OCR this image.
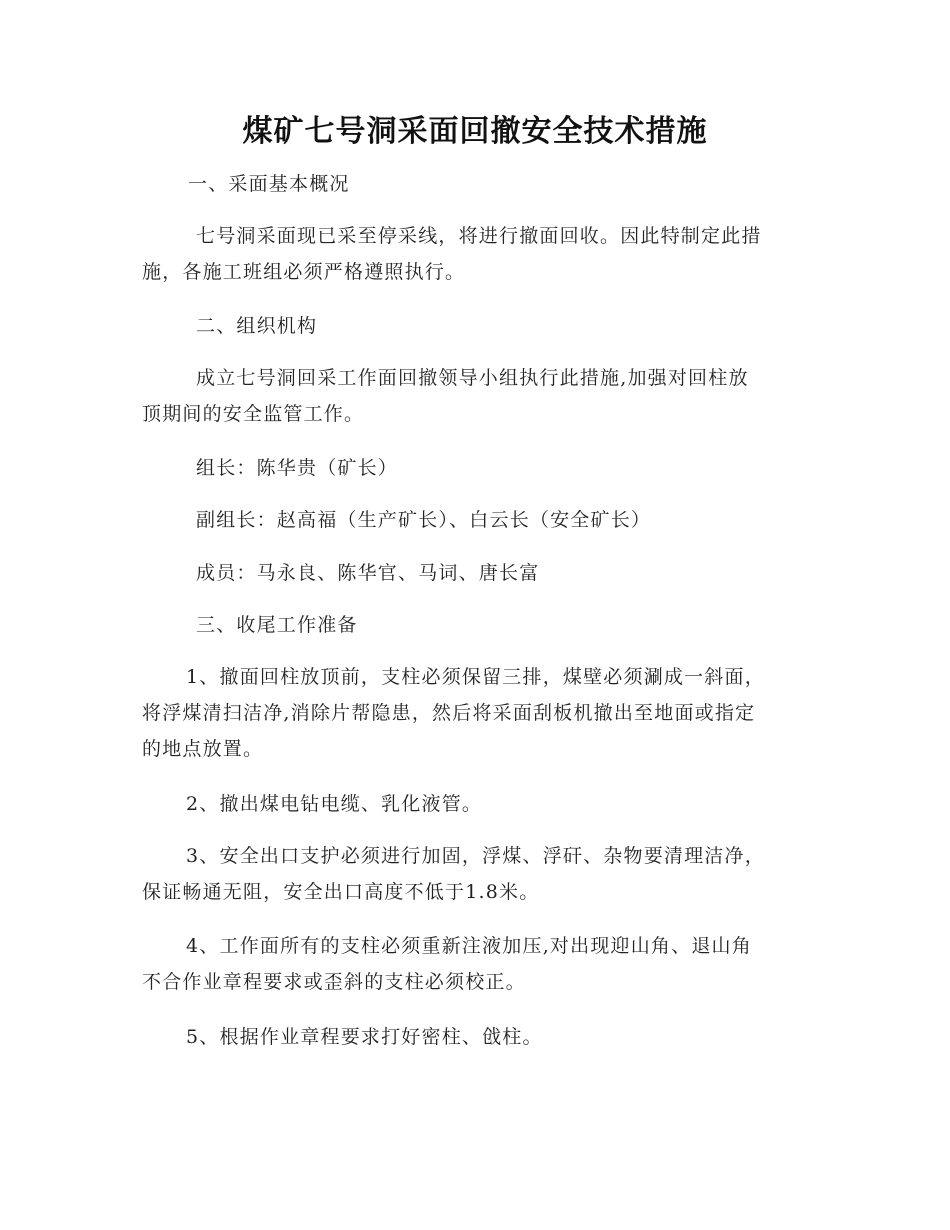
煤矿七号洞采面回撤安全技术措施
一、采面基本概况
七号洞采面现已采至停采线，将进行撤面回收。因此特制定此措
施，各施工班组必须严格遵照执行。
二、组织机构
成立七号洞回采工作面回撤领导小组执行此措施,加强对回柱放
顶期间的安全监管工作。
组长：陈华贵（矿长）
副组长：赵高福（生产矿长）、白云长（安全矿长）
成员：马永良、陈华官、马词、唐长富
三、收尾工作准备
1、撤面回柱放顶前，支柱必须保留三排，煤壁必须涮成一斜面，
将浮煤清扫洁净,消除片帮隐患，然后将采面刮板机撤出至地面或指定
的地点放置。
2、撤出煤电钻电缆、乳化液管。
3、安全出口支护必须进行加固，浮煤、浮矸、杂物要清理洁净，
保证畅通无阻，安全出口高度不低于1.8米。
4、工作面所有的支柱必须重新注液加压,对出现迎山角、退山角
不合作业章程要求或歪斜的支柱必须校正。
5、根据作业章程要求打好密柱、戗柱。
